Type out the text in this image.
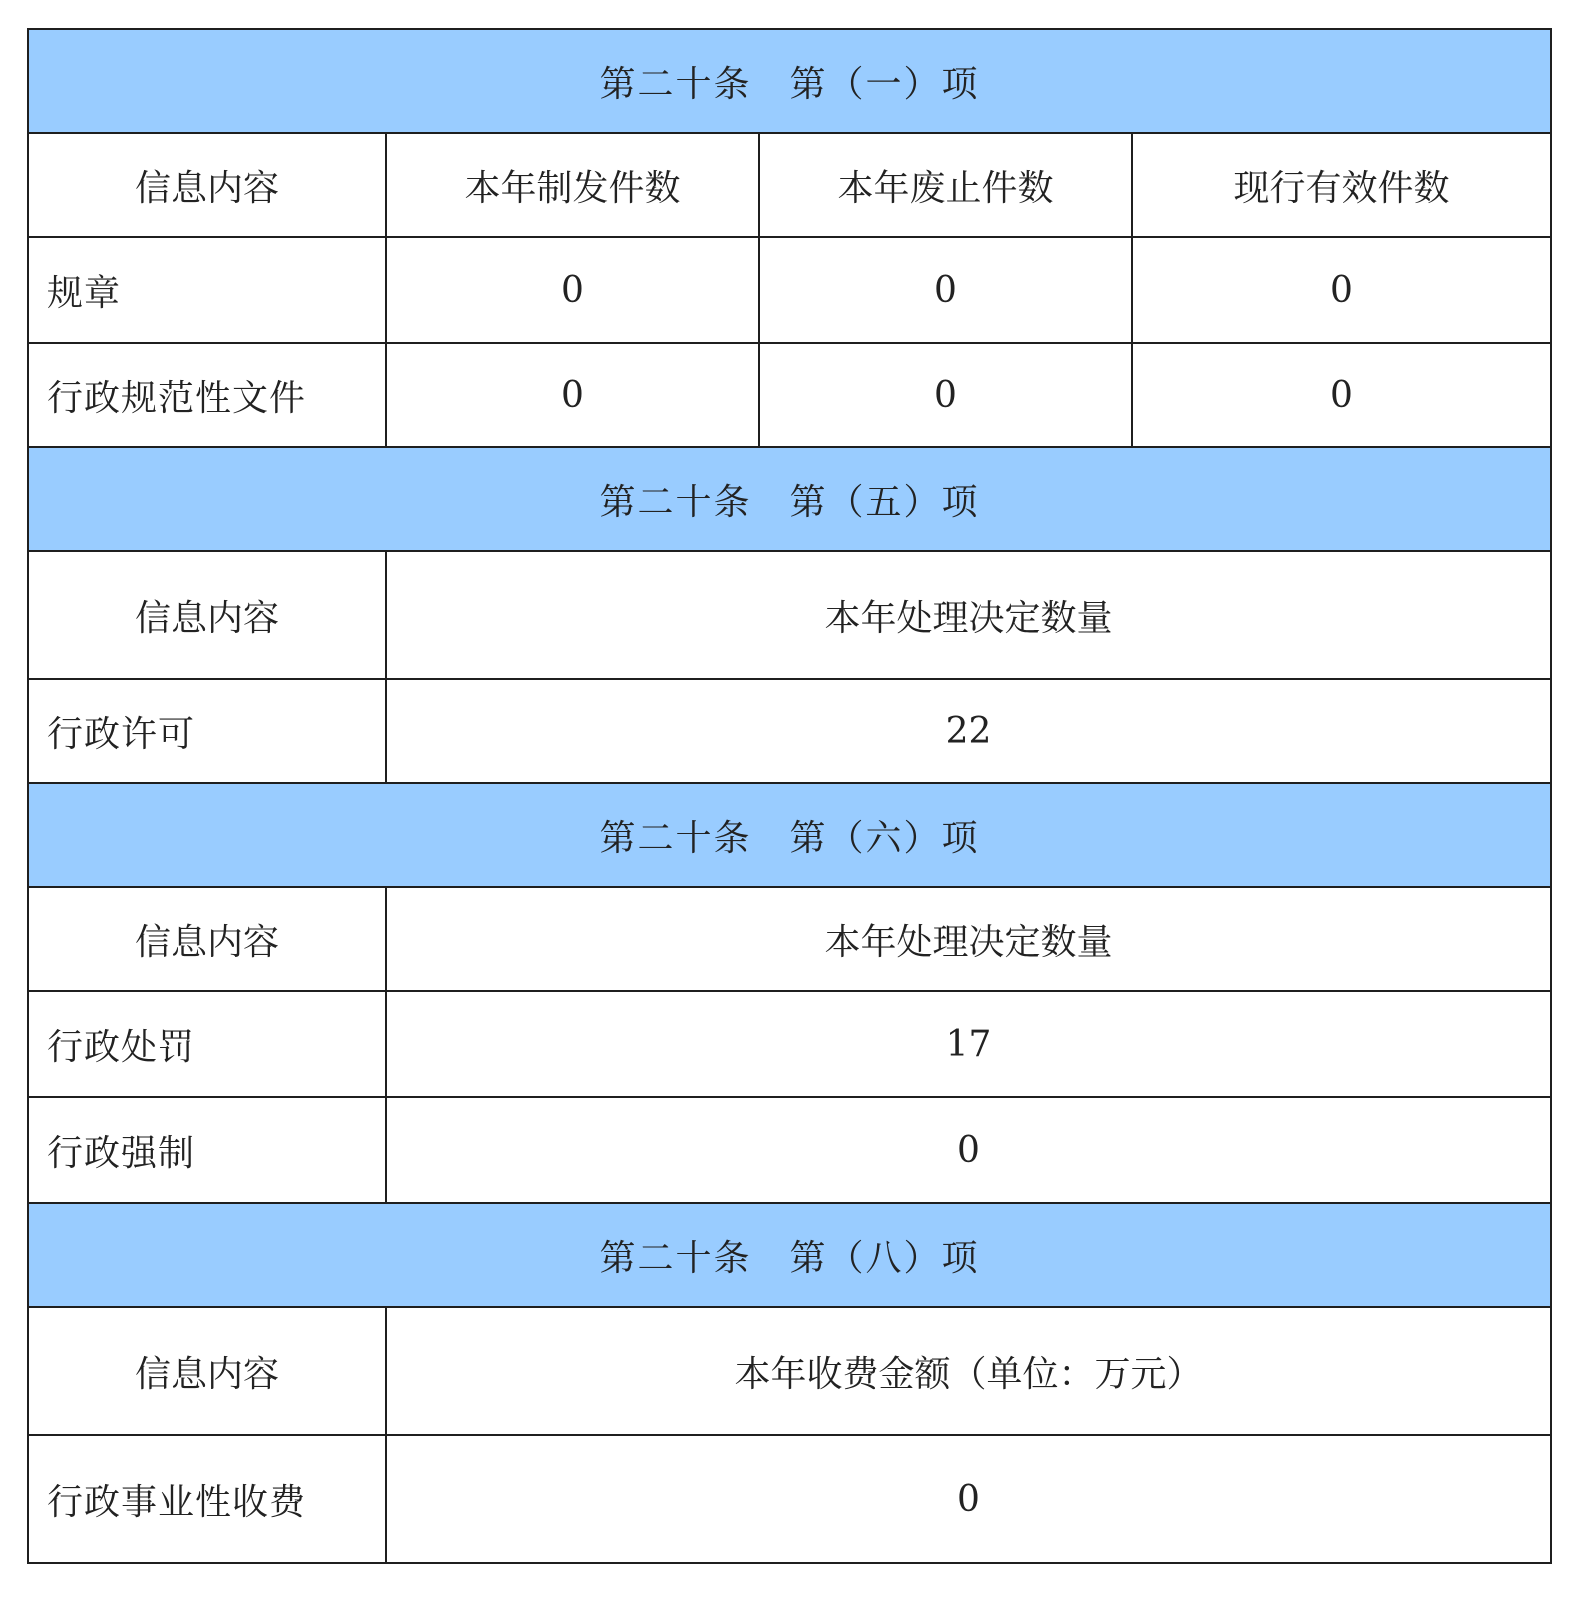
第二十条　第（一）项			
信息内容	本年制发件数	本年废止件数	现行有效件数
规章	0	0	0
行政规范性文件	0	0	0
第二十条　第（五）项			
信息内容	本年处理决定数量		
行政许可	22		
第二十条　第（六）项			
信息内容	本年处理决定数量		
行政处罚	17		
行政强制	0		
第二十条　第（八）项			
信息内容	本年收费金额（单位：万元）		
行政事业性收费	0		
